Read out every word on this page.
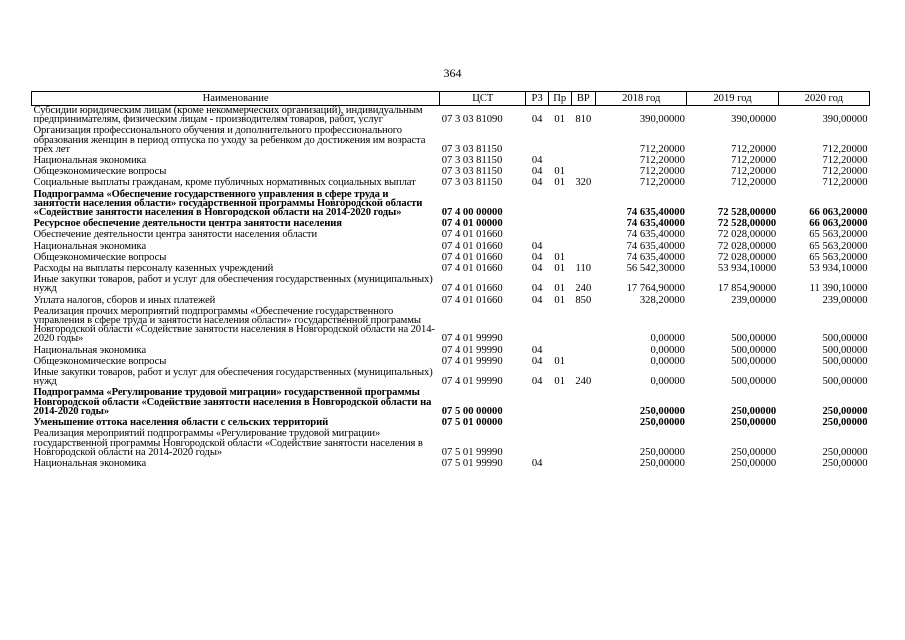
364
Наименование	ЦСТ	РЗ	Пр	ВР	2018 год	2019 год	2020 год
Субсидии юридическим лицам (кроме некоммерческих организаций), индивидуальным предпринимателям, физическим лицам - производителям товаров, работ, услуг	07 3 03 81090	04	01	810	390,00000	390,00000	390,00000
Организация профессионального обучения и дополнительного профессионального образования женщин в период отпуска по уходу за ребенком до достижения им возраста трех лет	07 3 03 81150				712,20000	712,20000	712,20000
Национальная экономика	07 3 03 81150	04			712,20000	712,20000	712,20000
Общеэкономические вопросы	07 3 03 81150	04	01		712,20000	712,20000	712,20000
Социальные выплаты гражданам, кроме публичных нормативных социальных выплат	07 3 03 81150	04	01	320	712,20000	712,20000	712,20000
Подпрограмма «Обеспечение государственного управления в сфере труда и занятости населения области» государственной программы Новгородской области «Содействие занятости населения в Новгородской области на 2014-2020 годы»	07 4 00 00000				74 635,40000	72 528,00000	66 063,20000
Ресурсное обеспечение деятельности центра занятости населения	07 4 01 00000				74 635,40000	72 528,00000	66 063,20000
Обеспечение деятельности центра занятости населения области	07 4 01 01660				74 635,40000	72 028,00000	65 563,20000
Национальная экономика	07 4 01 01660	04			74 635,40000	72 028,00000	65 563,20000
Общеэкономические вопросы	07 4 01 01660	04	01		74 635,40000	72 028,00000	65 563,20000
Расходы на выплаты персоналу казенных учреждений	07 4 01 01660	04	01	110	56 542,30000	53 934,10000	53 934,10000
Иные закупки товаров, работ и услуг для обеспечения государственных (муниципальных) нужд	07 4 01 01660	04	01	240	17 764,90000	17 854,90000	11 390,10000
Уплата налогов, сборов и иных платежей	07 4 01 01660	04	01	850	328,20000	239,00000	239,00000
Реализация прочих мероприятий подпрограммы «Обеспечение государственного управления в сфере труда и занятости населения области» государственной программы Новгородской области «Содействие занятости населения в Новгородской области на 2014-2020 годы»	07 4 01 99990				0,00000	500,00000	500,00000
Национальная экономика	07 4 01 99990	04			0,00000	500,00000	500,00000
Общеэкономические вопросы	07 4 01 99990	04	01		0,00000	500,00000	500,00000
Иные закупки товаров, работ и услуг для обеспечения государственных (муниципальных) нужд	07 4 01 99990	04	01	240	0,00000	500,00000	500,00000
Подпрограмма «Регулирование трудовой миграции» государственной программы Новгородской области «Содействие занятости населения в Новгородской области на 2014-2020 годы»	07 5 00 00000				250,00000	250,00000	250,00000
Уменьшение оттока населения области с сельских территорий	07 5 01 00000				250,00000	250,00000	250,00000
Реализация мероприятий подпрограммы «Регулирование трудовой миграции» государственной программы Новгородской области «Содействие занятости населения в Новгородской области на 2014-2020 годы»	07 5 01 99990				250,00000	250,00000	250,00000
Национальная экономика	07 5 01 99990	04			250,00000	250,00000	250,00000
